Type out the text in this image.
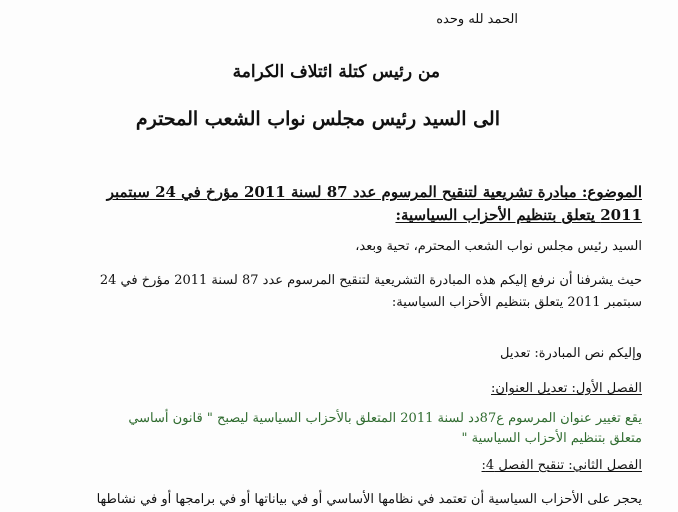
الحمد لله وحده
من رئيس كتلة ائتلاف الكرامة
الى السيد رئيس مجلس نواب الشعب المحترم
الموضوع: مبادرة تشريعية لتنقيح المرسوم عدد 87 لسنة 2011 مؤرخ في 24 سبتمبر
2011 يتعلق بتنظيم الأحزاب السياسية:
السيد رئيس مجلس نواب الشعب المحترم، تحية وبعد،
حيث يشرفنا أن نرفع إليكم هذه المبادرة التشريعية لتنقيح المرسوم عدد 87 لسنة 2011 مؤرخ في 24
سبتمبر 2011 يتعلق بتنظيم الأحزاب السياسية:
وإليكم نص المبادرة: تعديل
الفصل الأول: تعديل العنوان:
يقع تغيير عنوان المرسوم ع87دد لسنة 2011 المتعلق بالأحزاب السياسية ليصبح " قانون أساسي
متعلق بتنظيم الأحزاب السياسية "
الفصل الثاني: تنقيح الفصل 4:
يحجر على الأحزاب السياسية أن تعتمد في نظامها الأساسي أو في بياناتها أو في برامجها أو في نشاطها
